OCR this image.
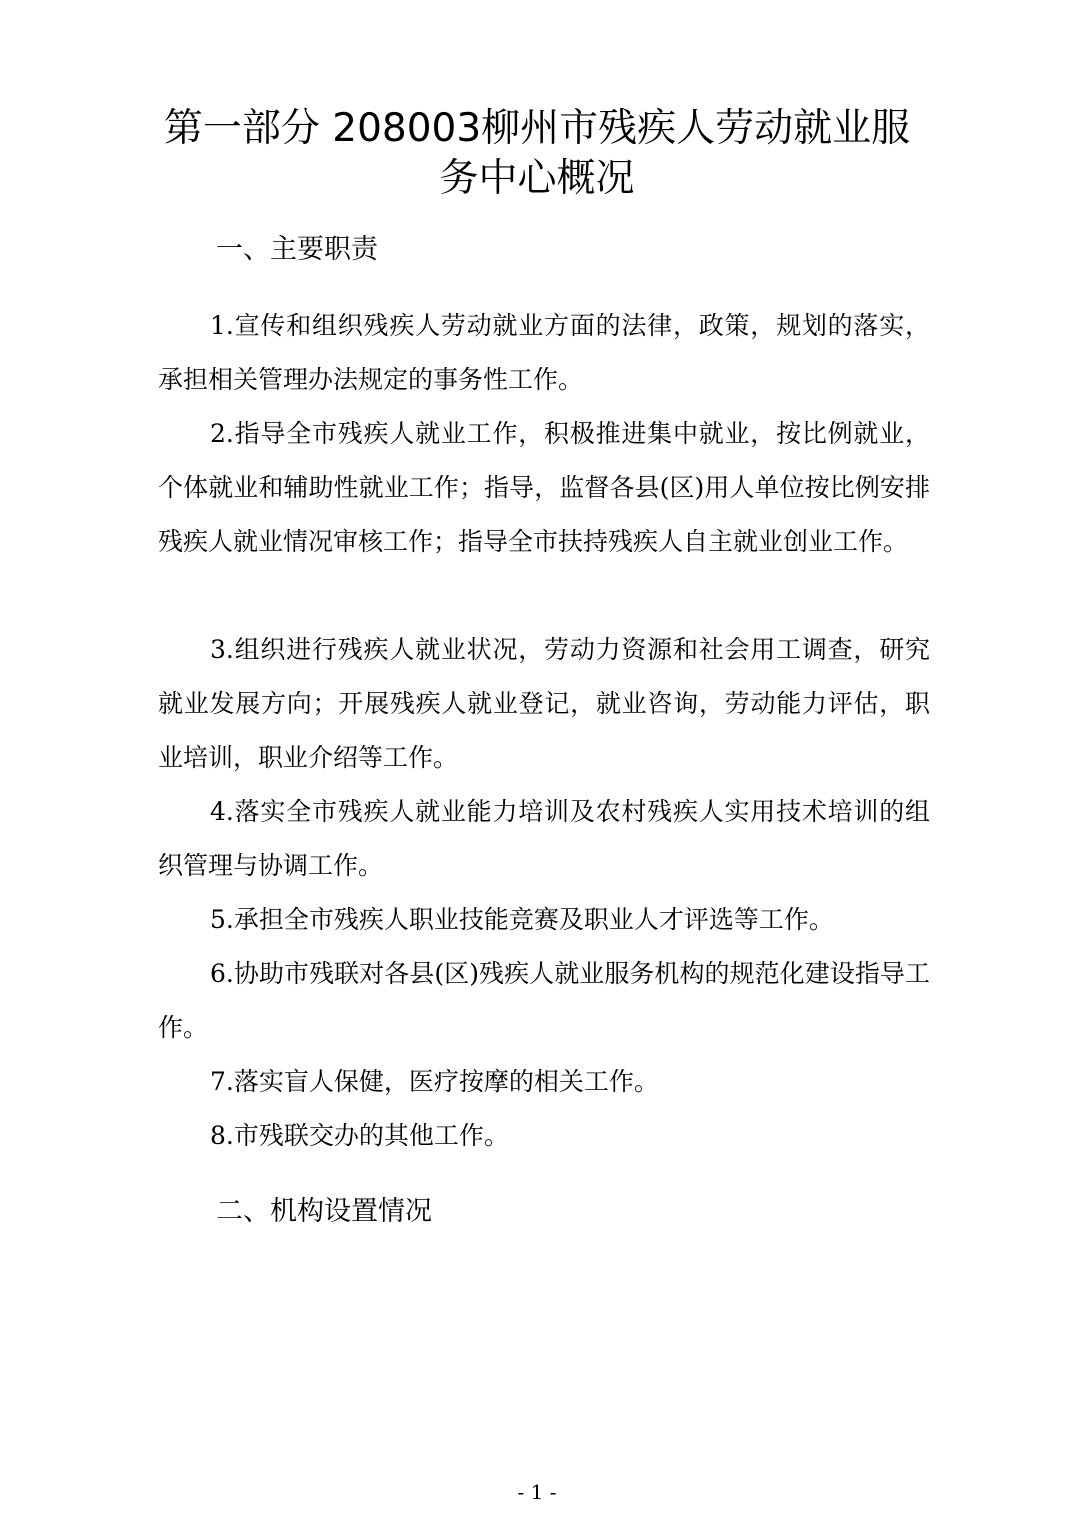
第一部分 208003柳州市残疾人劳动就业服
务中心概况
一、主要职责

1.宣传和组织残疾人劳动就业方面的法律，政策，规划的落实，承担相关管理办法规定的事务性工作。

2.指导全市残疾人就业工作，积极推进集中就业，按比例就业，个体就业和辅助性就业工作；指导，监督各县(区)用人单位按比例安排残疾人就业情况审核工作；指导全市扶持残疾人自主就业创业工作。

3.组织进行残疾人就业状况，劳动力资源和社会用工调查，研究就业发展方向；开展残疾人就业登记，就业咨询，劳动能力评估，职业培训，职业介绍等工作。

4.落实全市残疾人就业能力培训及农村残疾人实用技术培训的组织管理与协调工作。

5.承担全市残疾人职业技能竞赛及职业人才评选等工作。

6.协助市残联对各县(区)残疾人就业服务机构的规范化建设指导工作。

7.落实盲人保健，医疗按摩的相关工作。

8.市残联交办的其他工作。

二、机构设置情况
- 1 -
